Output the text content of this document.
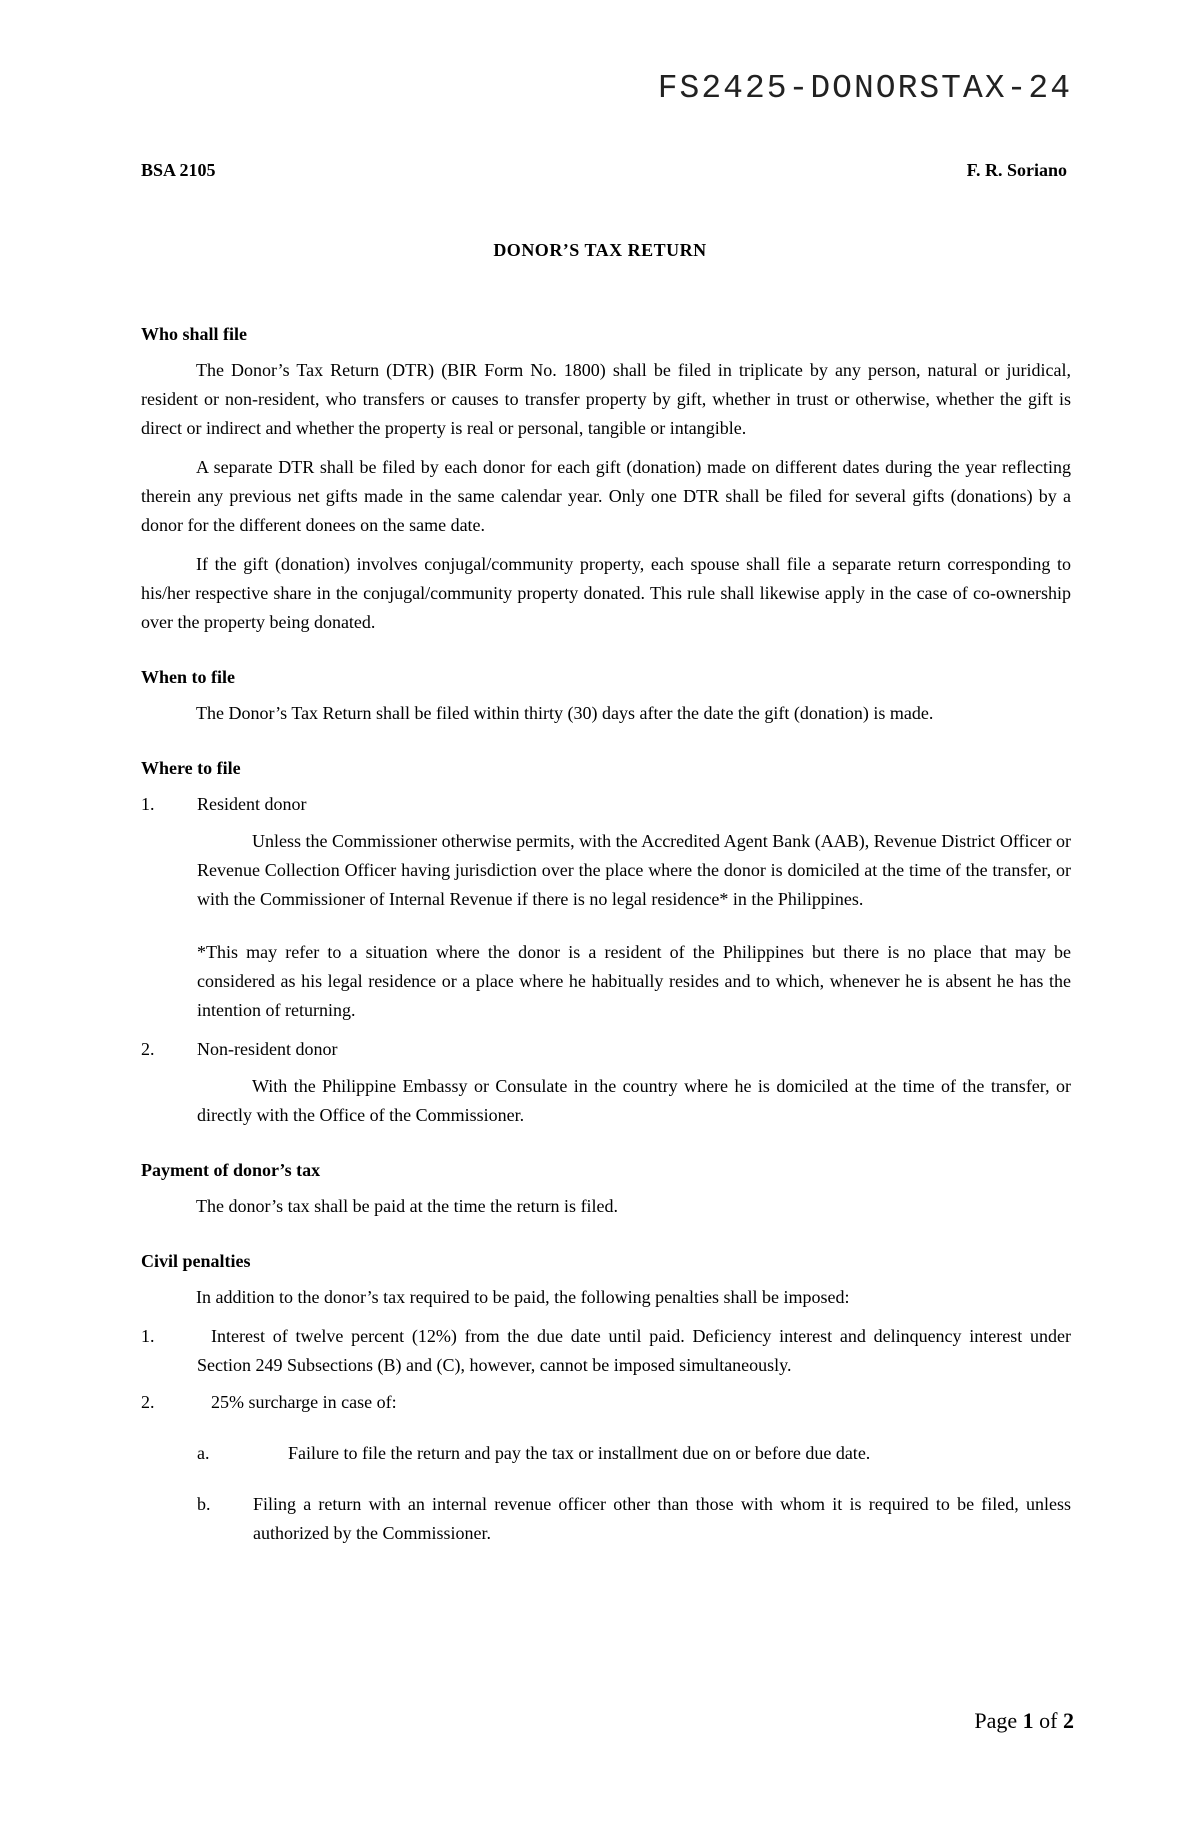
FS2425-DONORSTAX-24
BSA 2105	F. R. Soriano
DONOR’S TAX RETURN
Who shall file

The Donor’s Tax Return (DTR) (BIR Form No. 1800) shall be filed in triplicate by any person, natural or juridical, resident or non-resident, who transfers or causes to transfer property by gift, whether in trust or otherwise, whether the gift is direct or indirect and whether the property is real or personal, tangible or intangible.

A separate DTR shall be filed by each donor for each gift (donation) made on different dates during the year reflecting therein any previous net gifts made in the same calendar year. Only one DTR shall be filed for several gifts (donations) by a donor for the different donees on the same date.

If the gift (donation) involves conjugal/community property, each spouse shall file a separate return corresponding to his/her respective share in the conjugal/community property donated. This rule shall likewise apply in the case of co-ownership over the property being donated.

When to file

The Donor’s Tax Return shall be filed within thirty (30) days after the date the gift (donation) is made.

Where to file
1.	Resident donor

Unless the Commissioner otherwise permits, with the Accredited Agent Bank (AAB), Revenue District Officer or Revenue Collection Officer having jurisdiction over the place where the donor is domiciled at the time of the transfer, or with the Commissioner of Internal Revenue if there is no legal residence* in the Philippines.

*This may refer to a situation where the donor is a resident of the Philippines but there is no place that may be considered as his legal residence or a place where he habitually resides and to which, whenever he is absent he has the intention of returning.

2.	Non-resident donor

With the Philippine Embassy or Consulate in the country where he is domiciled at the time of the transfer, or directly with the Office of the Commissioner.

Payment of donor’s tax

The donor’s tax shall be paid at the time the return is filed.

Civil penalties

In addition to the donor’s tax required to be paid, the following penalties shall be imposed:

1.	Interest of twelve percent (12%) from the due date until paid. Deficiency interest and delinquency interest under Section 249 Subsections (B) and (C), however, cannot be imposed simultaneously.
2.	25% surcharge in case of:
a.	Failure to file the return and pay the tax or installment due on or before due date.
b.	Filing a return with an internal revenue officer other than those with whom it is required to be filed, unless authorized by the Commissioner.
Page 1 of 2
